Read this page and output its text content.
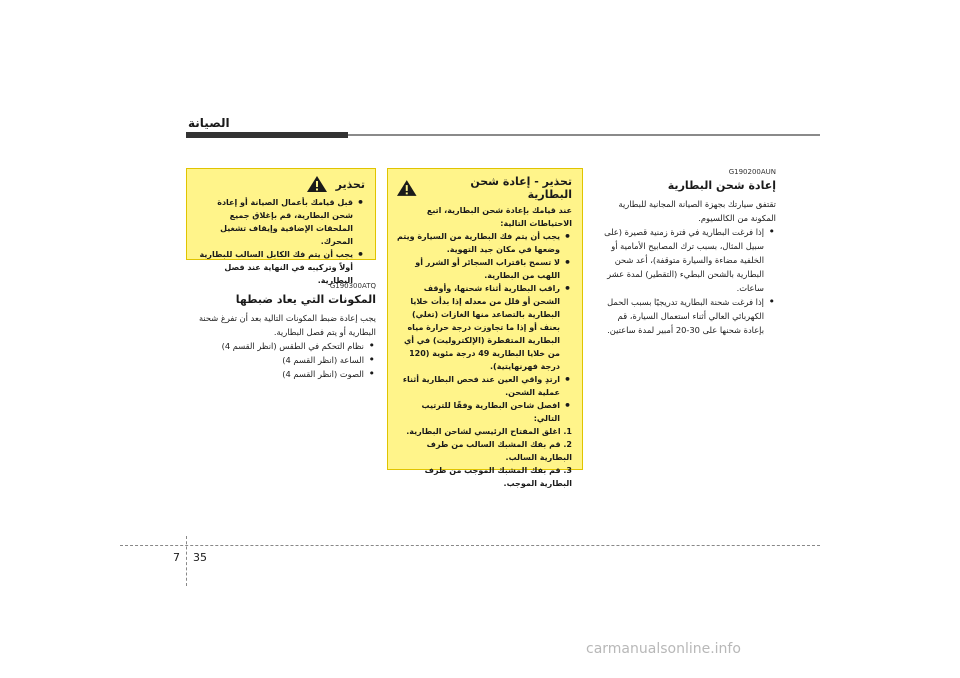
الصيانة
G190200AUN
إعادة شحن البطارية

تقتفق سيارتك بجهزة الصيانة المجانية للبطارية المكونة من الكالسيوم.

• إذا فرغت البطارية في فترة زمنية قصيرة (على سبيل المثال، بسبب ترك المصابيح الأمامية أو الخلفية مضاءة والسيارة متوقفة)، أعد شحن البطارية بالشحن البطيء (التقطير) لمدة عشر ساعات.
• إذا فرغت شحنة البطارية تدريجيًا بسبب الحمل الكهربائي العالي أثناء استعمال السيارة، قم بإعادة شحنها على 30-20 أمبير لمدة ساعتين.
تحذير - إعادة شحن البطارية

عند قيامك بإعادة شحن البطارية، اتبع الاحتياطات التالية:

• يجب أن يتم فك البطارية من السيارة ويتم وضعها في مكان جيد التهوية.
• لا تسمح باقتراب السجائر أو الشرر أو اللهب من البطارية.
• راقب البطارية أثناء شحنها، وأوقف الشحن أو قلل من معدله إذا بدأت خلايا البطارية بالتصاعد منها الغازات (تغلي) بعنف أو إذا ما تجاوزت درجة حرارة مياه البطارية المتقطرة (الإلكتروليت) في أي من خلايا البطارية 49 درجة مئوية (120 درجة فهرنهايتية).
• ارتدِ واقي العين عند فحص البطارية أثناء عملية الشحن.
• افصل شاحن البطارية وفقًا للترتيب التالي:
1. اغلق المفتاح الرئيسي لشاحن البطارية.
2. قم بفك المشبك السالب من طرف البطارية السالب.
3. قم بفك المشبك الموجب من طرف البطارية الموجب.
تحذير
• قبل قيامك بأعمال الصيانة أو إعادة شحن البطارية، قم بإغلاق جميع الملحقات الإضافية وإيقاف تشغيل المحرك.
• يجب أن يتم فك الكابل السالب للبطارية أولاً وتركيبه في النهاية عند فصل البطارية.
G190300ATQ
المكونات التي يعاد ضبطها

يجب إعادة ضبط المكونات التالية بعد أن تفرغ شحنة البطارية أو يتم فصل البطارية.

• نظام التحكم في الطقس (انظر القسم 4)
• الساعة (انظر القسم 4)
• الصوت (انظر القسم 4)
7 35
carmanualsonline.info
